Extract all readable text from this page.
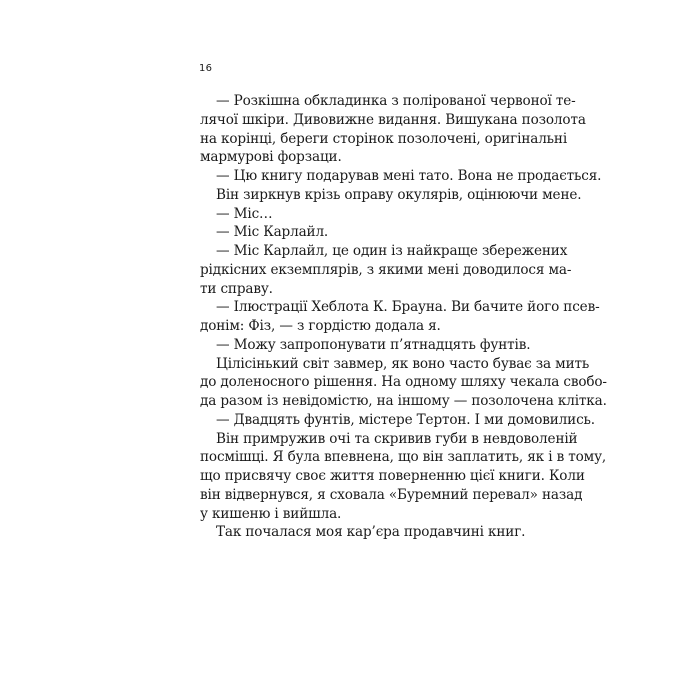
16
— Розкішна обкладинка з полірованої червоної те-
лячої шкіри. Дивовижне видання. Вишукана позолота
на корінці, береги сторінок позолочені, оригінальні
мармурові форзаци.
— Цю книгу подарував мені тато. Вона не продається.
Він зиркнув крізь оправу окулярів, оцінюючи мене.
— Міс…
— Міс Карлайл.
— Міс Карлайл, це один із найкраще збережених
рідкісних екземплярів, з якими мені доводилося ма-
ти справу.
— Ілюстрації Хеблота К. Брауна. Ви бачите його псев-
донім: Фіз, — з гордістю додала я.
— Можу запропонувати п’ятнадцять фунтів.
Цілісінький світ завмер, як воно часто буває за мить
до доленосного рішення. На одному шляху чекала свобо-
да разом із невідомістю, на іншому — позолочена клітка.
— Двадцять фунтів, містере Тертон. І ми домовились.
Він примружив очі та скривив губи в невдоволеній
посмішці. Я була впевнена, що він заплатить, як і в тому,
що присвячу своє життя поверненню цієї книги. Коли
він відвернувся, я сховала «Буремний перевал» назад
у кишеню і вийшла.
Так почалася моя кар’єра продавчині книг.
